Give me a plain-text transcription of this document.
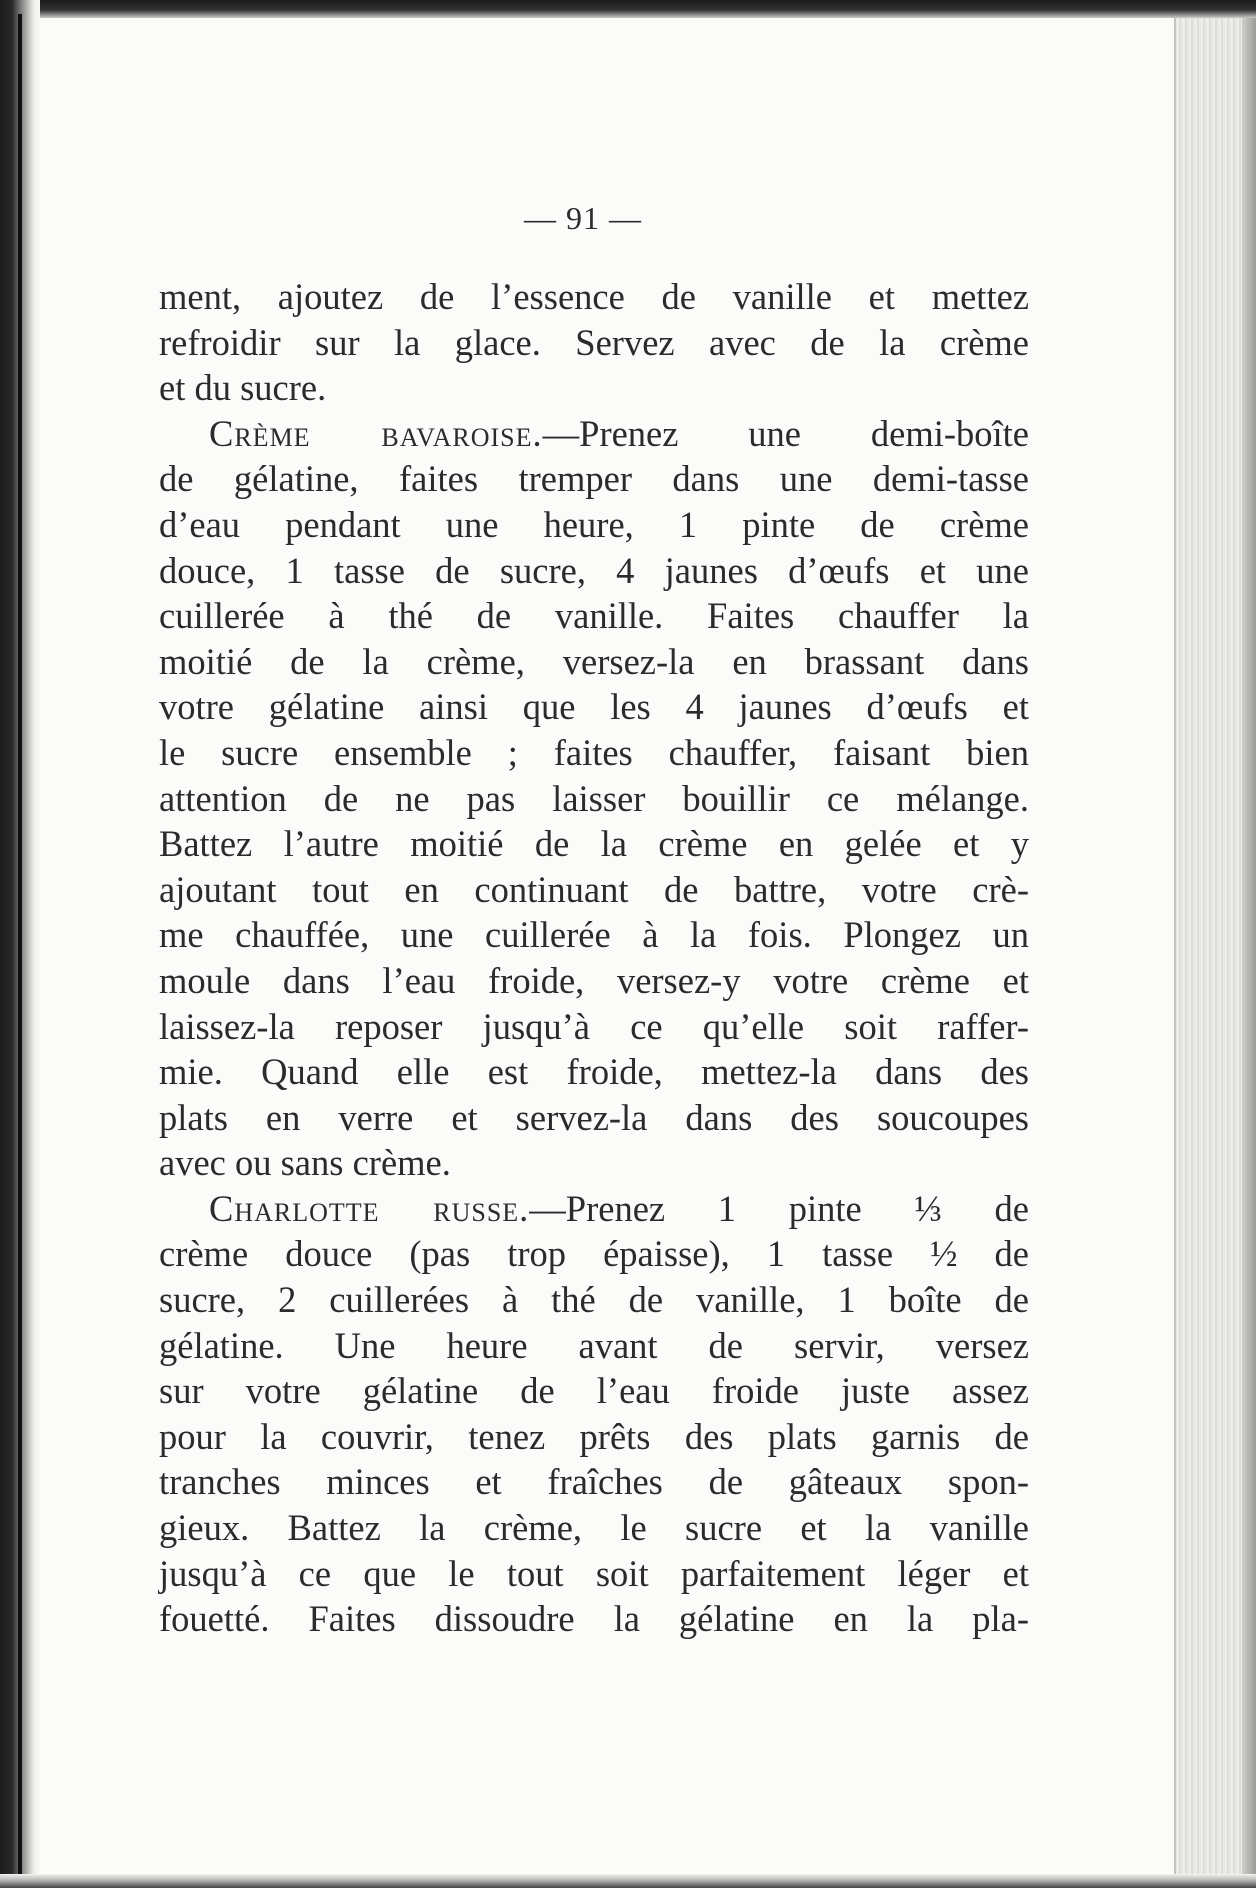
— 91 —
ment, ajoutez de l’essence de vanille et mettez
refroidir sur la glace. Servez avec de la crème
et du sucre.
Crème bavaroise.—Prenez une demi-boîte
de gélatine, faites tremper dans une demi-tasse
d’eau pendant une heure, 1 pinte de crème
douce, 1 tasse de sucre, 4 jaunes d’œufs et une
cuillerée à thé de vanille. Faites chauffer la
moitié de la crème, versez-la en brassant dans
votre gélatine ainsi que les 4 jaunes d’œufs et
le sucre ensemble ; faites chauffer, faisant bien
attention de ne pas laisser bouillir ce mélange.
Battez l’autre moitié de la crème en gelée et y
ajoutant tout en continuant de battre, votre crè-
me chauffée, une cuillerée à la fois. Plongez un
moule dans l’eau froide, versez-y votre crème et
laissez-la reposer jusqu’à ce qu’elle soit raffer-
mie. Quand elle est froide, mettez-la dans des
plats en verre et servez-la dans des soucoupes
avec ou sans crème.
Charlotte russe.—Prenez 1 pinte ⅓ de
crème douce (pas trop épaisse), 1 tasse ½ de
sucre, 2 cuillerées à thé de vanille, 1 boîte de
gélatine. Une heure avant de servir, versez
sur votre gélatine de l’eau froide juste assez
pour la couvrir, tenez prêts des plats garnis de
tranches minces et fraîches de gâteaux spon-
gieux. Battez la crème, le sucre et la vanille
jusqu’à ce que le tout soit parfaitement léger et
fouetté. Faites dissoudre la gélatine en la pla-
